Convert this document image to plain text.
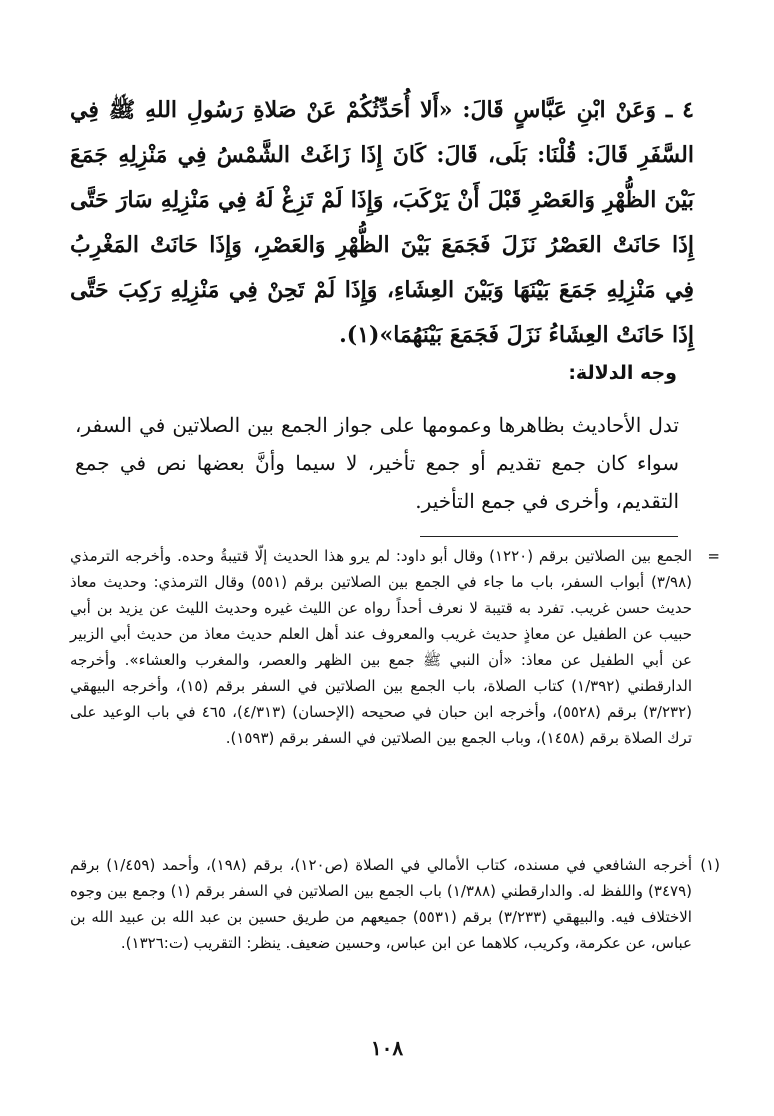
٤ ـ وَعَنْ ابْنِ عَبَّاسٍ قَالَ: «أَلا أُحَدِّثُكُمْ عَنْ صَلاةِ رَسُولِ اللهِ ﷺ فِي السَّفَرِ قَالَ: قُلْنَا: بَلَى، قَالَ: كَانَ إِذَا زَاغَتْ الشَّمْسُ فِي مَنْزِلِهِ جَمَعَ بَيْنَ الظُّهْرِ وَالعَصْرِ قَبْلَ أَنْ يَرْكَبَ، وَإِذَا لَمْ تَزِغْ لَهُ فِي مَنْزِلِهِ سَارَ حَتَّى إِذَا حَانَتْ العَصْرُ نَزَلَ فَجَمَعَ بَيْنَ الظُّهْرِ وَالعَصْرِ، وَإِذَا حَانَتْ المَغْرِبُ فِي مَنْزِلِهِ جَمَعَ بَيْنَهَا وَبَيْنَ العِشَاءِ، وَإِذَا لَمْ تَحِنْ فِي مَنْزِلِهِ رَكِبَ حَتَّى إِذَا حَانَتْ العِشَاءُ نَزَلَ فَجَمَعَ بَيْنَهُمَا»(١).
وجه الدلالة:
تدل الأحاديث بظاهرها وعمومها على جواز الجمع بين الصلاتين في السفر، سواء كان جمع تقديم أو جمع تأخير، لا سيما وأنَّ بعضها نص في جمع التقديم، وأخرى في جمع التأخير.
=
الجمع بين الصلاتين برقم (١٢٢٠) وقال أبو داود: لم يرو هذا الحديث إلّا قتيبةُ وحده. وأخرجه الترمذي (٣/٩٨) أبواب السفر، باب ما جاء في الجمع بين الصلاتين برقم (٥٥١) وقال الترمذي: وحديث معاذ حديث حسن غريب. تفرد به قتيبة لا نعرف أحداً رواه عن الليث غيره وحديث الليث عن يزيد بن أبي حبيب عن الطفيل عن معاذٍ حديث غريب والمعروف عند أهل العلم حديث معاذ من حديث أبي الزبير عن أبي الطفيل عن معاذ: «أن النبي ﷺ جمع بين الظهر والعصر، والمغرب والعشاء». وأخرجه الدارقطني (١/٣٩٢) كتاب الصلاة، باب الجمع بين الصلاتين في السفر برقم (١٥)، وأخرجه البيهقي (٣/٢٣٢) برقم (٥٥٢٨)، وأخرجه ابن حبان في صحيحه (الإحسان) (٤/٣١٣)، ٤٦٥ في باب الوعيد على ترك الصلاة برقم (١٤٥٨)، وباب الجمع بين الصلاتين في السفر برقم (١٥٩٣).
(١)
أخرجه الشافعي في مسنده، كتاب الأمالي في الصلاة (ص١٢٠)، برقم (١٩٨)، وأحمد (١/٤٥٩) برقم (٣٤٧٩) واللفظ له. والدارقطني (١/٣٨٨) باب الجمع بين الصلاتين في السفر برقم (١) وجمع بين وجوه الاختلاف فيه. والبيهقي (٣/٢٣٣) برقم (٥٥٣١) جميعهم من طريق حسين بن عبد الله بن عبيد الله بن عباس، عن عكرمة، وكريب، كلاهما عن ابن عباس، وحسين ضعيف. ينظر: التقريب (ت:١٣٢٦).
١٠٨
